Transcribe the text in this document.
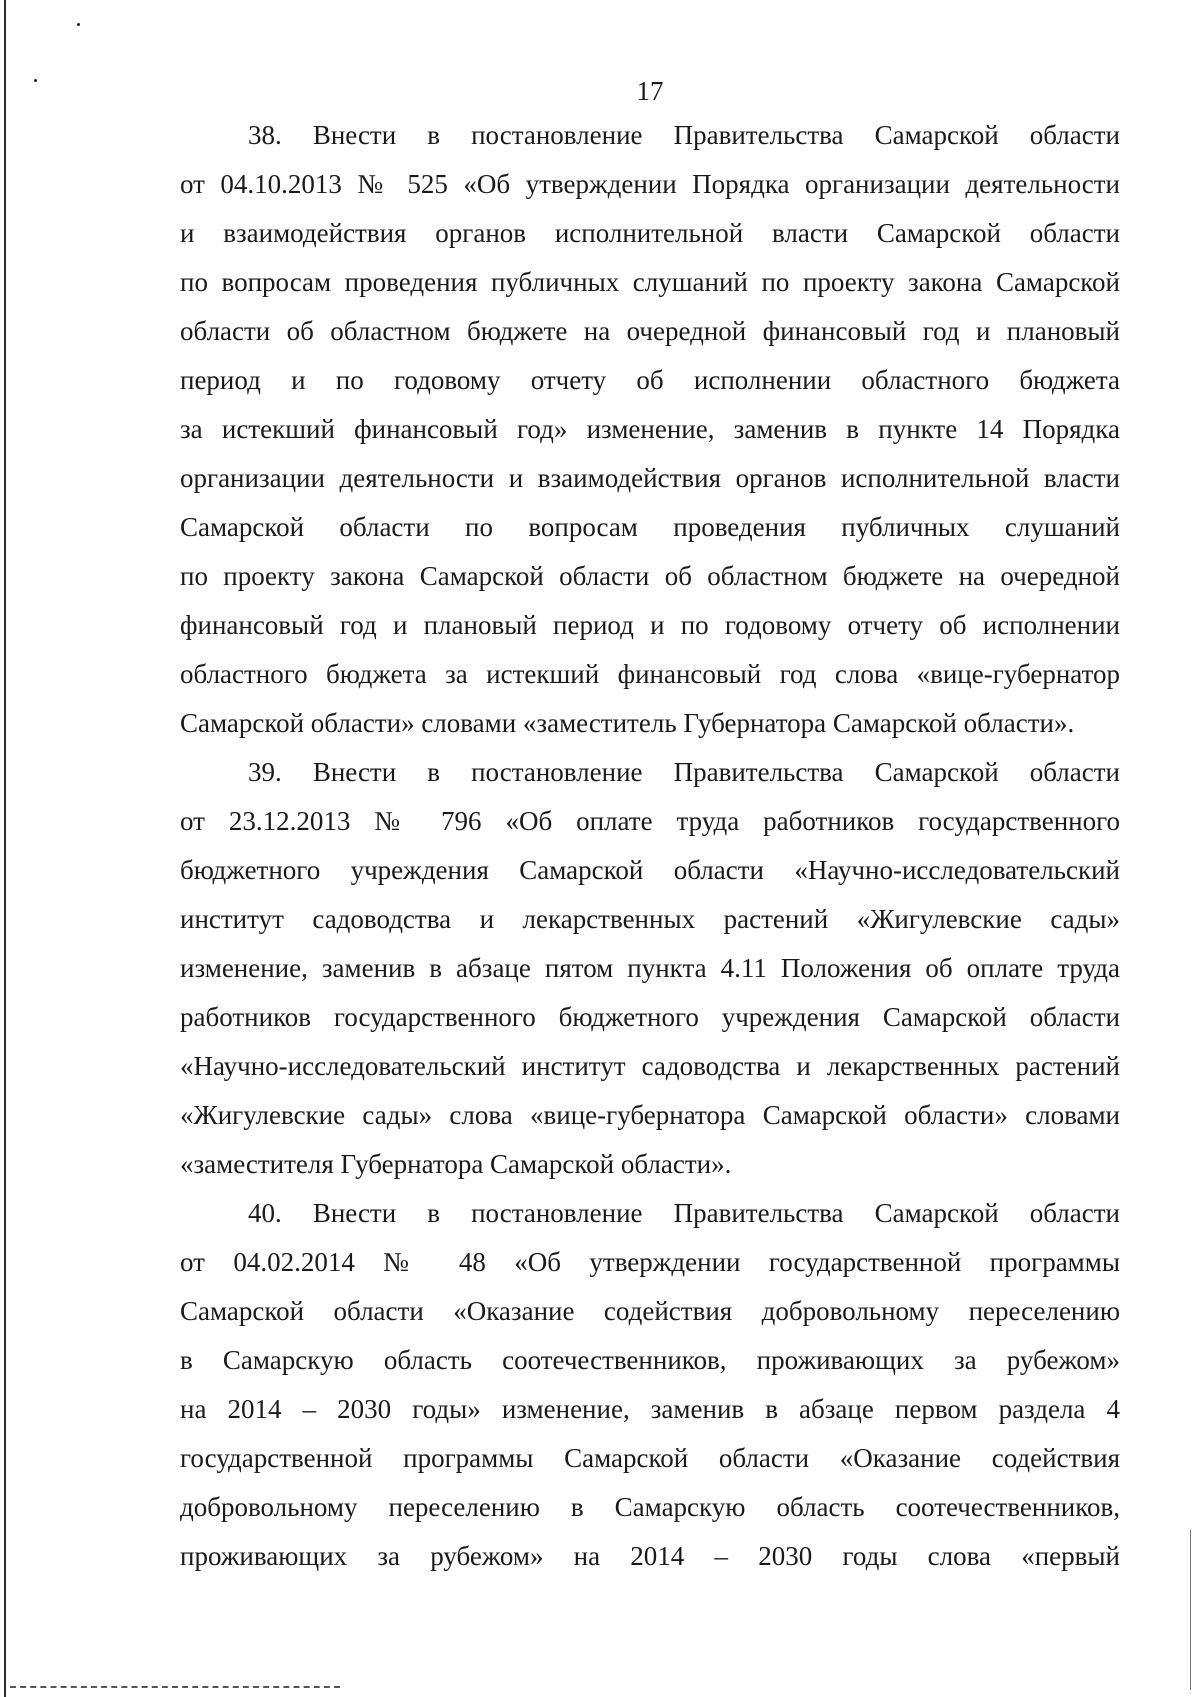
17
38. Внести в постановление Правительства Самарской области
от 04.10.2013 № 525 «Об утверждении Порядка организации деятельности
и взаимодействия органов исполнительной власти Самарской области
по вопросам проведения публичных слушаний по проекту закона Самарской
области об областном бюджете на очередной финансовый год и плановый
период и по годовому отчету об исполнении областного бюджета
за истекший финансовый год» изменение, заменив в пункте 14 Порядка
организации деятельности и взаимодействия органов исполнительной власти
Самарской области по вопросам проведения публичных слушаний
по проекту закона Самарской области об областном бюджете на очередной
финансовый год и плановый период и по годовому отчету об исполнении
областного бюджета за истекший финансовый год слова «вице-губернатор
Самарской области» словами «заместитель Губернатора Самарской области».
39. Внести в постановление Правительства Самарской области
от 23.12.2013 № 796 «Об оплате труда работников государственного
бюджетного учреждения Самарской области «Научно-исследовательский
институт садоводства и лекарственных растений «Жигулевские сады»
изменение, заменив в абзаце пятом пункта 4.11 Положения об оплате труда
работников государственного бюджетного учреждения Самарской области
«Научно-исследовательский институт садоводства и лекарственных растений
«Жигулевские сады» слова «вице-губернатора Самарской области» словами
«заместителя Губернатора Самарской области».
40. Внести в постановление Правительства Самарской области
от 04.02.2014 № 48 «Об утверждении государственной программы
Самарской области «Оказание содействия добровольному переселению
в Самарскую область соотечественников, проживающих за рубежом»
на 2014 – 2030 годы» изменение, заменив в абзаце первом раздела 4
государственной программы Самарской области «Оказание содействия
добровольному переселению в Самарскую область соотечественников,
проживающих за рубежом» на 2014 – 2030 годы слова «первый
